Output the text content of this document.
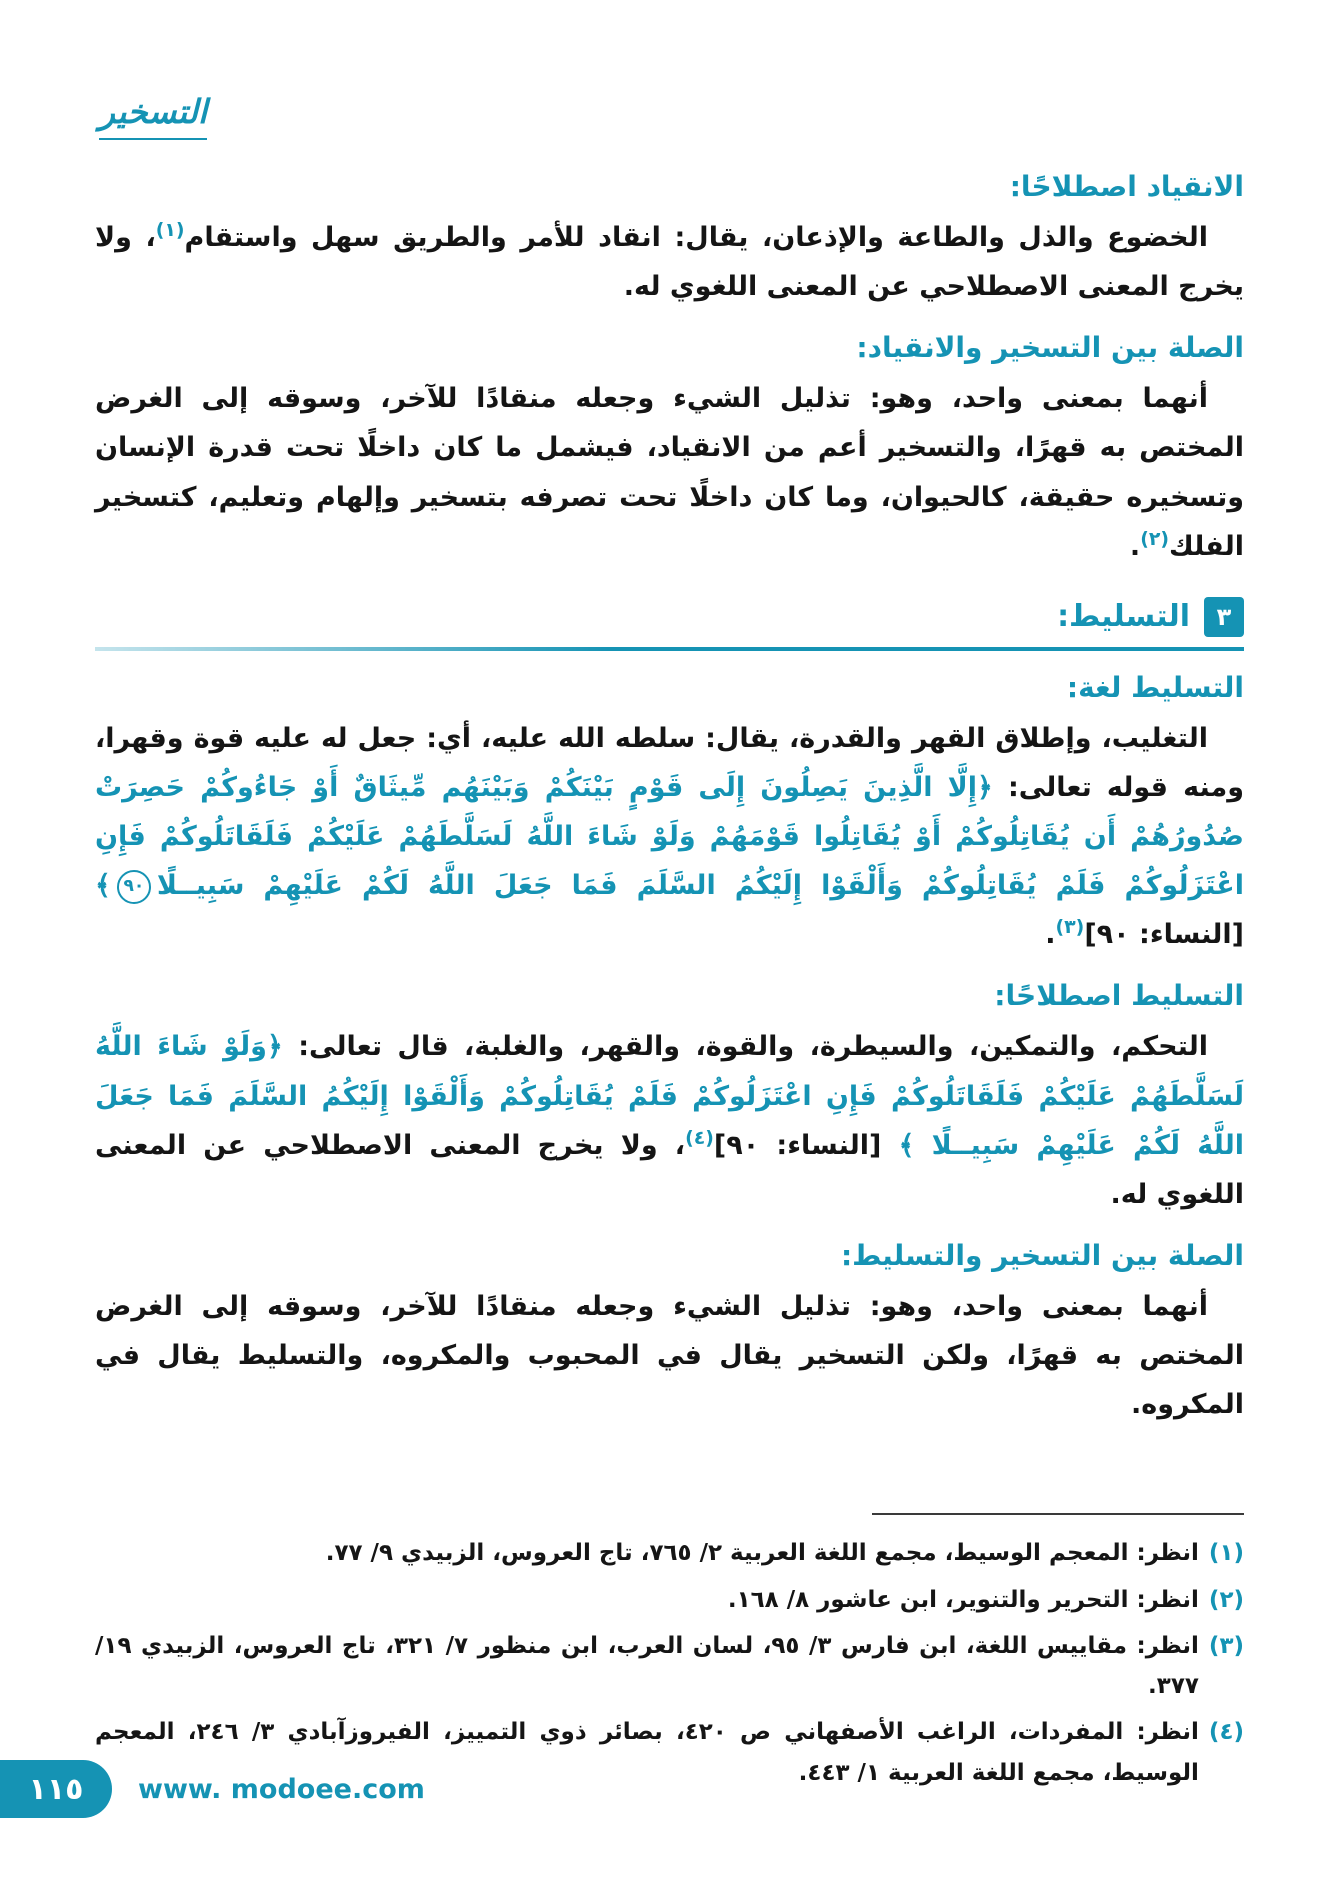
التسخير
الانقياد اصطلاحًا:

الخضوع والذل والطاعة والإذعان، يقال: انقاد للأمر والطريق سهل واستقام$^{(١)}$، ولا يخرج المعنى الاصطلاحي عن المعنى اللغوي له.

الصلة بين التسخير والانقياد:

أنهما بمعنى واحد، وهو: تذليل الشيء وجعله منقادًا للآخر، وسوقه إلى الغرض المختص به قهرًا، والتسخير أعم من الانقياد، فيشمل ما كان داخلًا تحت قدرة الإنسان وتسخيره حقيقة، كالحيوان، وما كان داخلًا تحت تصرفه بتسخير وإلهام وتعليم، كتسخير الفلك$^{(٢)}$.

٣
التسليط:
التسليط لغة:

التغليب، وإطلاق القهر والقدرة، يقال: سلطه الله عليه، أي: جعل له عليه قوة وقهرا، ومنه قوله تعالى: ﴿إِلَّا الَّذِينَ يَصِلُونَ إِلَى قَوْمٍ بَيْنَكُمْ وَبَيْنَهُم مِّيثَاقٌ أَوْ جَاءُوكُمْ حَصِرَتْ صُدُورُهُمْ أَن يُقَاتِلُوكُمْ أَوْ يُقَاتِلُوا قَوْمَهُمْ وَلَوْ شَاءَ اللَّهُ لَسَلَّطَهُمْ عَلَيْكُمْ فَلَقَاتَلُوكُمْ فَإِنِ اعْتَزَلُوكُمْ فَلَمْ يُقَاتِلُوكُمْ وَأَلْقَوْا إِلَيْكُمُ السَّلَمَ فَمَا جَعَلَ اللَّهُ لَكُمْ عَلَيْهِمْ سَبِيــلًا٩٠﴾ [النساء: ٩٠]$^{(٣)}$.

التسليط اصطلاحًا:

التحكم، والتمكين، والسيطرة، والقوة، والقهر، والغلبة، قال تعالى: ﴿وَلَوْ شَاءَ اللَّهُ لَسَلَّطَهُمْ عَلَيْكُمْ فَلَقَاتَلُوكُمْ فَإِنِ اعْتَزَلُوكُمْ فَلَمْ يُقَاتِلُوكُمْ وَأَلْقَوْا إِلَيْكُمُ السَّلَمَ فَمَا جَعَلَ اللَّهُ لَكُمْ عَلَيْهِمْ سَبِيــلًا ﴾ [النساء: ٩٠]$^{(٤)}$، ولا يخرج المعنى الاصطلاحي عن المعنى اللغوي له.

الصلة بين التسخير والتسليط:

أنهما بمعنى واحد، وهو: تذليل الشيء وجعله منقادًا للآخر، وسوقه إلى الغرض المختص به قهرًا، ولكن التسخير يقال في المحبوب والمكروه، والتسليط يقال في المكروه.

(١)
انظر: المعجم الوسيط، مجمع اللغة العربية ٢/ ٧٦٥، تاج العروس، الزبيدي ٩/ ٧٧.
(٢)
انظر: التحرير والتنوير، ابن عاشور ٨/ ١٦٨.
(٣)
انظر: مقاييس اللغة، ابن فارس ٣/ ٩٥، لسان العرب، ابن منظور ٧/ ٣٢١، تاج العروس، الزبيدي ١٩/ ٣٧٧.
(٤)
انظر: المفردات، الراغب الأصفهاني ص ٤٢٠، بصائر ذوي التمييز، الفيروزآبادي ٣/ ٢٤٦، المعجم الوسيط، مجمع اللغة العربية ١/ ٤٤٣.
١١٥ www. modoee.com
